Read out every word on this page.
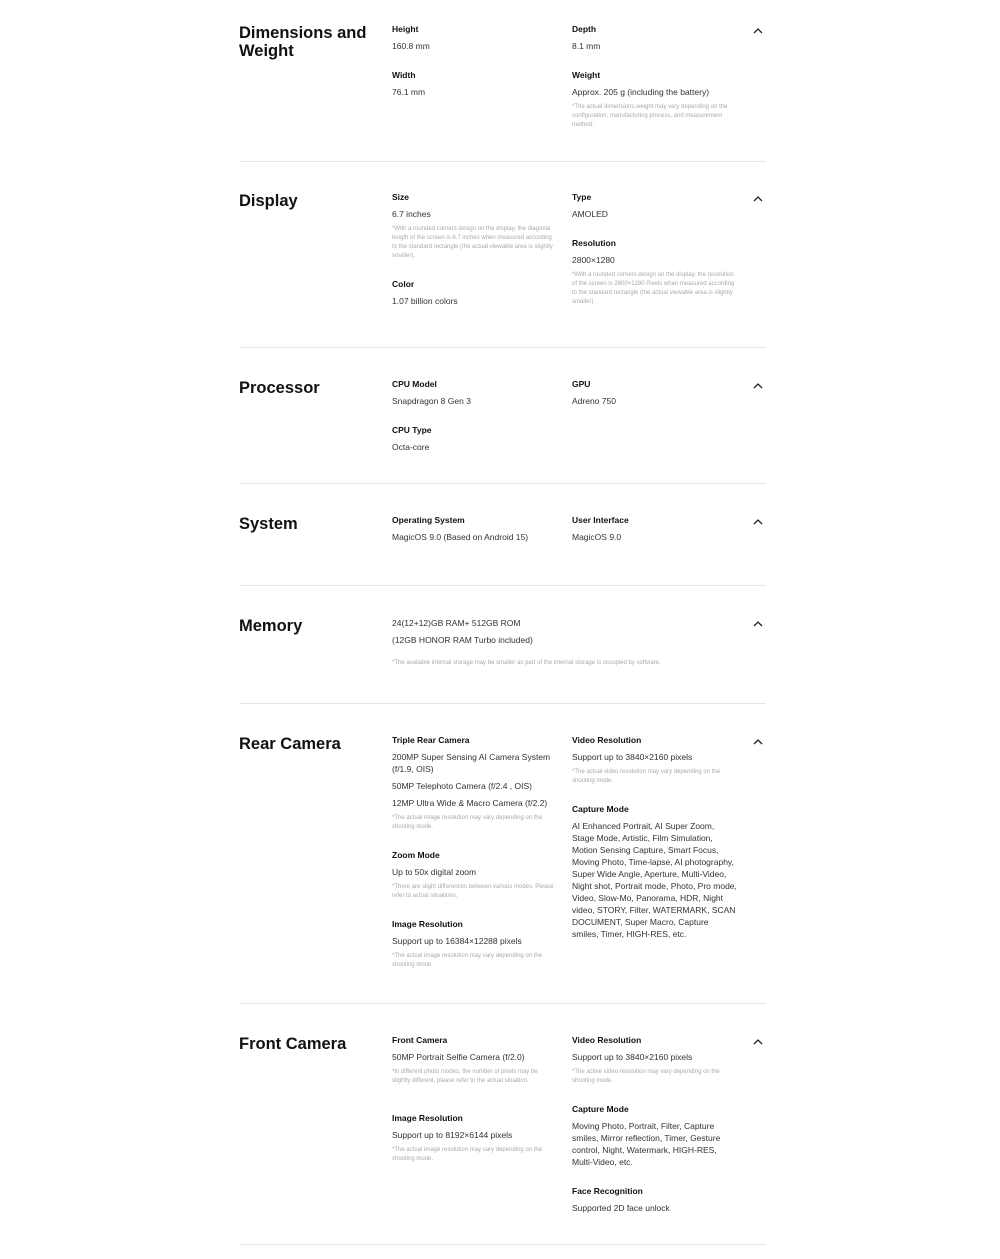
Dimensions and Weight
Height
160.8 mm
Width
76.1 mm
Depth
8.1 mm
Weight
Approx. 205 g (including the battery)
*The actual dimensions,weight may vary depending on the configuration, manufacturing process, and measurement method.
Display	Size
6.7 inches
*With a rounded corners design on the display, the diagonal length of the screen is 6.7 inches when measured according to the standard rectangle (the actual viewable area is slightly smaller).
Color
1.07 billion colors
Type
AMOLED
Resolution
2800×1280
*With a rounded corners design on the display, the resolution of the screen is 2800×1280 Pixels when measured according to the standard rectangle (the actual viewable area is slightly smaller).
Processor	CPU Model
Snapdragon 8 Gen 3
CPU Type
Octa-core
GPU
Adreno 750
System	Operating System
MagicOS 9.0 (Based on Android 15)
User Interface
MagicOS 9.0
Memory	24(12+12)GB RAM+ 512GB ROM
(12GB HONOR RAM Turbo included)
*The available internal storage may be smaller as part of the internal storage is occupied by software.
Rear Camera	Triple Rear Camera
200MP Super Sensing AI Camera System (f/1.9, OIS)
50MP Telephoto Camera (f/2.4 , OIS)
12MP Ultra Wide & Macro Camera (f/2.2)
*The actual image resolution may vary depending on the shooting mode.
Zoom Mode
Up to 50x digital zoom
*There are slight differences between various modes. Please refer to actual situations.
Image Resolution
Support up to 16384×12288 pixels
*The actual image resolution may vary depending on the shooting mode.
Video Resolution
Support up to 3840×2160 pixels
*The actual video resolution may vary depending on the shooting mode.
Capture Mode
AI Enhanced Portrait, AI Super Zoom, Stage Mode, Artistic, Film Simulation, Motion Sensing Capture, Smart Focus, Moving Photo, Time-lapse, AI photography, Super Wide Angle, Aperture, Multi-Video, Night shot, Portrait mode, Photo, Pro mode, Video, Slow-Mo, Panorama, HDR, Night video, STORY, Filter, WATERMARK, SCAN DOCUMENT, Super Macro, Capture smiles, Timer, HIGH-RES, etc.
Front Camera	Front Camera
50MP Portrait Selfie Camera (f/2.0)
*In different photo modes, the number of pixels may be slightly different, please refer to the actual situation.
Image Resolution
Support up to 8192×6144 pixels
*The actual image resolution may vary depending on the shooting mode.
Video Resolution
Support up to 3840×2160 pixels
*The active video resolution may vary depending on the shooting mode.
Capture Mode
Moving Photo, Portrait, Filter, Capture smiles, Mirror reflection, Timer, Gesture control, Night, Watermark, HIGH-RES, Multi-Video, etc.
Face Recognition
Supported 2D face unlock
